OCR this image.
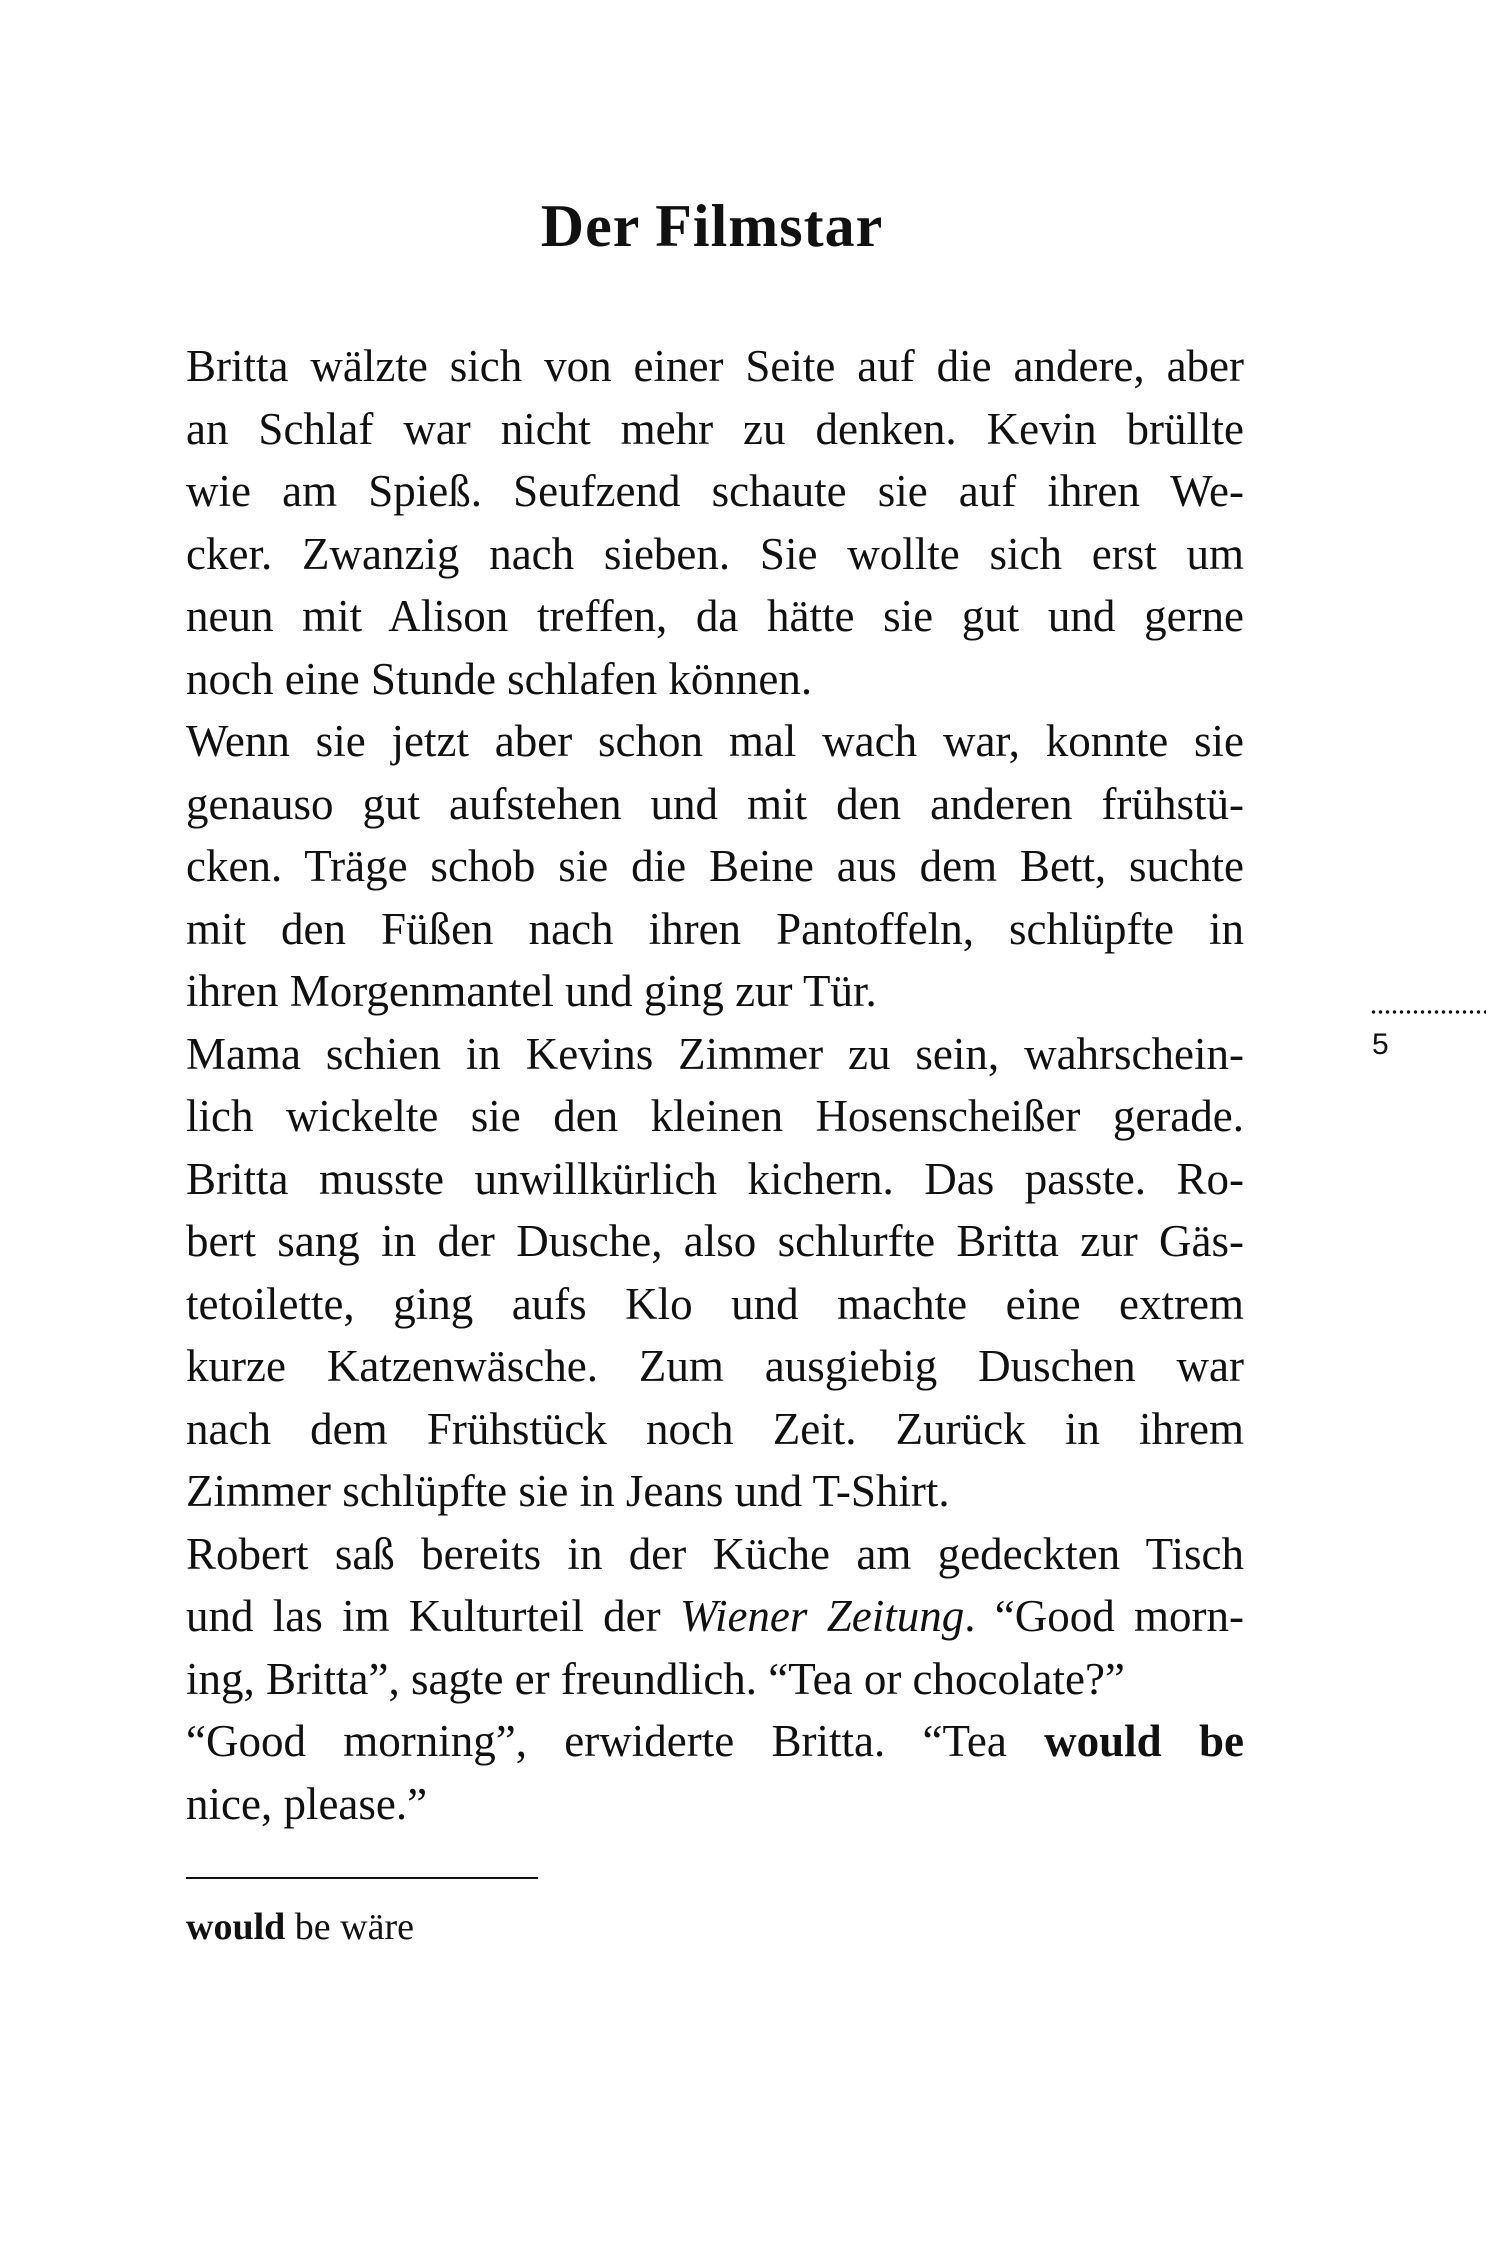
Der Filmstar
Britta wälzte sich von einer Seite auf die andere, aber
an Schlaf war nicht mehr zu denken. Kevin brüllte
wie am Spieß. Seufzend schaute sie auf ihren We-
cker. Zwanzig nach sieben. Sie wollte sich erst um
neun mit Alison treffen, da hätte sie gut und gerne
noch eine Stunde schlafen können.
Wenn sie jetzt aber schon mal wach war, konnte sie
genauso gut aufstehen und mit den anderen frühstü-
cken. Träge schob sie die Beine aus dem Bett, suchte
mit den Füßen nach ihren Pantoffeln, schlüpfte in
ihren Morgenmantel und ging zur Tür.
Mama schien in Kevins Zimmer zu sein, wahrschein-
lich wickelte sie den kleinen Hosenscheißer gerade.
Britta musste unwillkürlich kichern. Das passte. Ro-
bert sang in der Dusche, also schlurfte Britta zur Gäs-
tetoilette, ging aufs Klo und machte eine extrem
kurze Katzenwäsche. Zum ausgiebig Duschen war
nach dem Frühstück noch Zeit. Zurück in ihrem
Zimmer schlüpfte sie in Jeans und T-Shirt.
Robert saß bereits in der Küche am gedeckten Tisch
und las im Kulturteil der Wiener Zeitung. “Good morn-
ing, Britta”, sagte er freundlich. “Tea or chocolate?”
“Good morning”, erwiderte Britta. “Tea would be
nice, please.”
would be wäre
5
